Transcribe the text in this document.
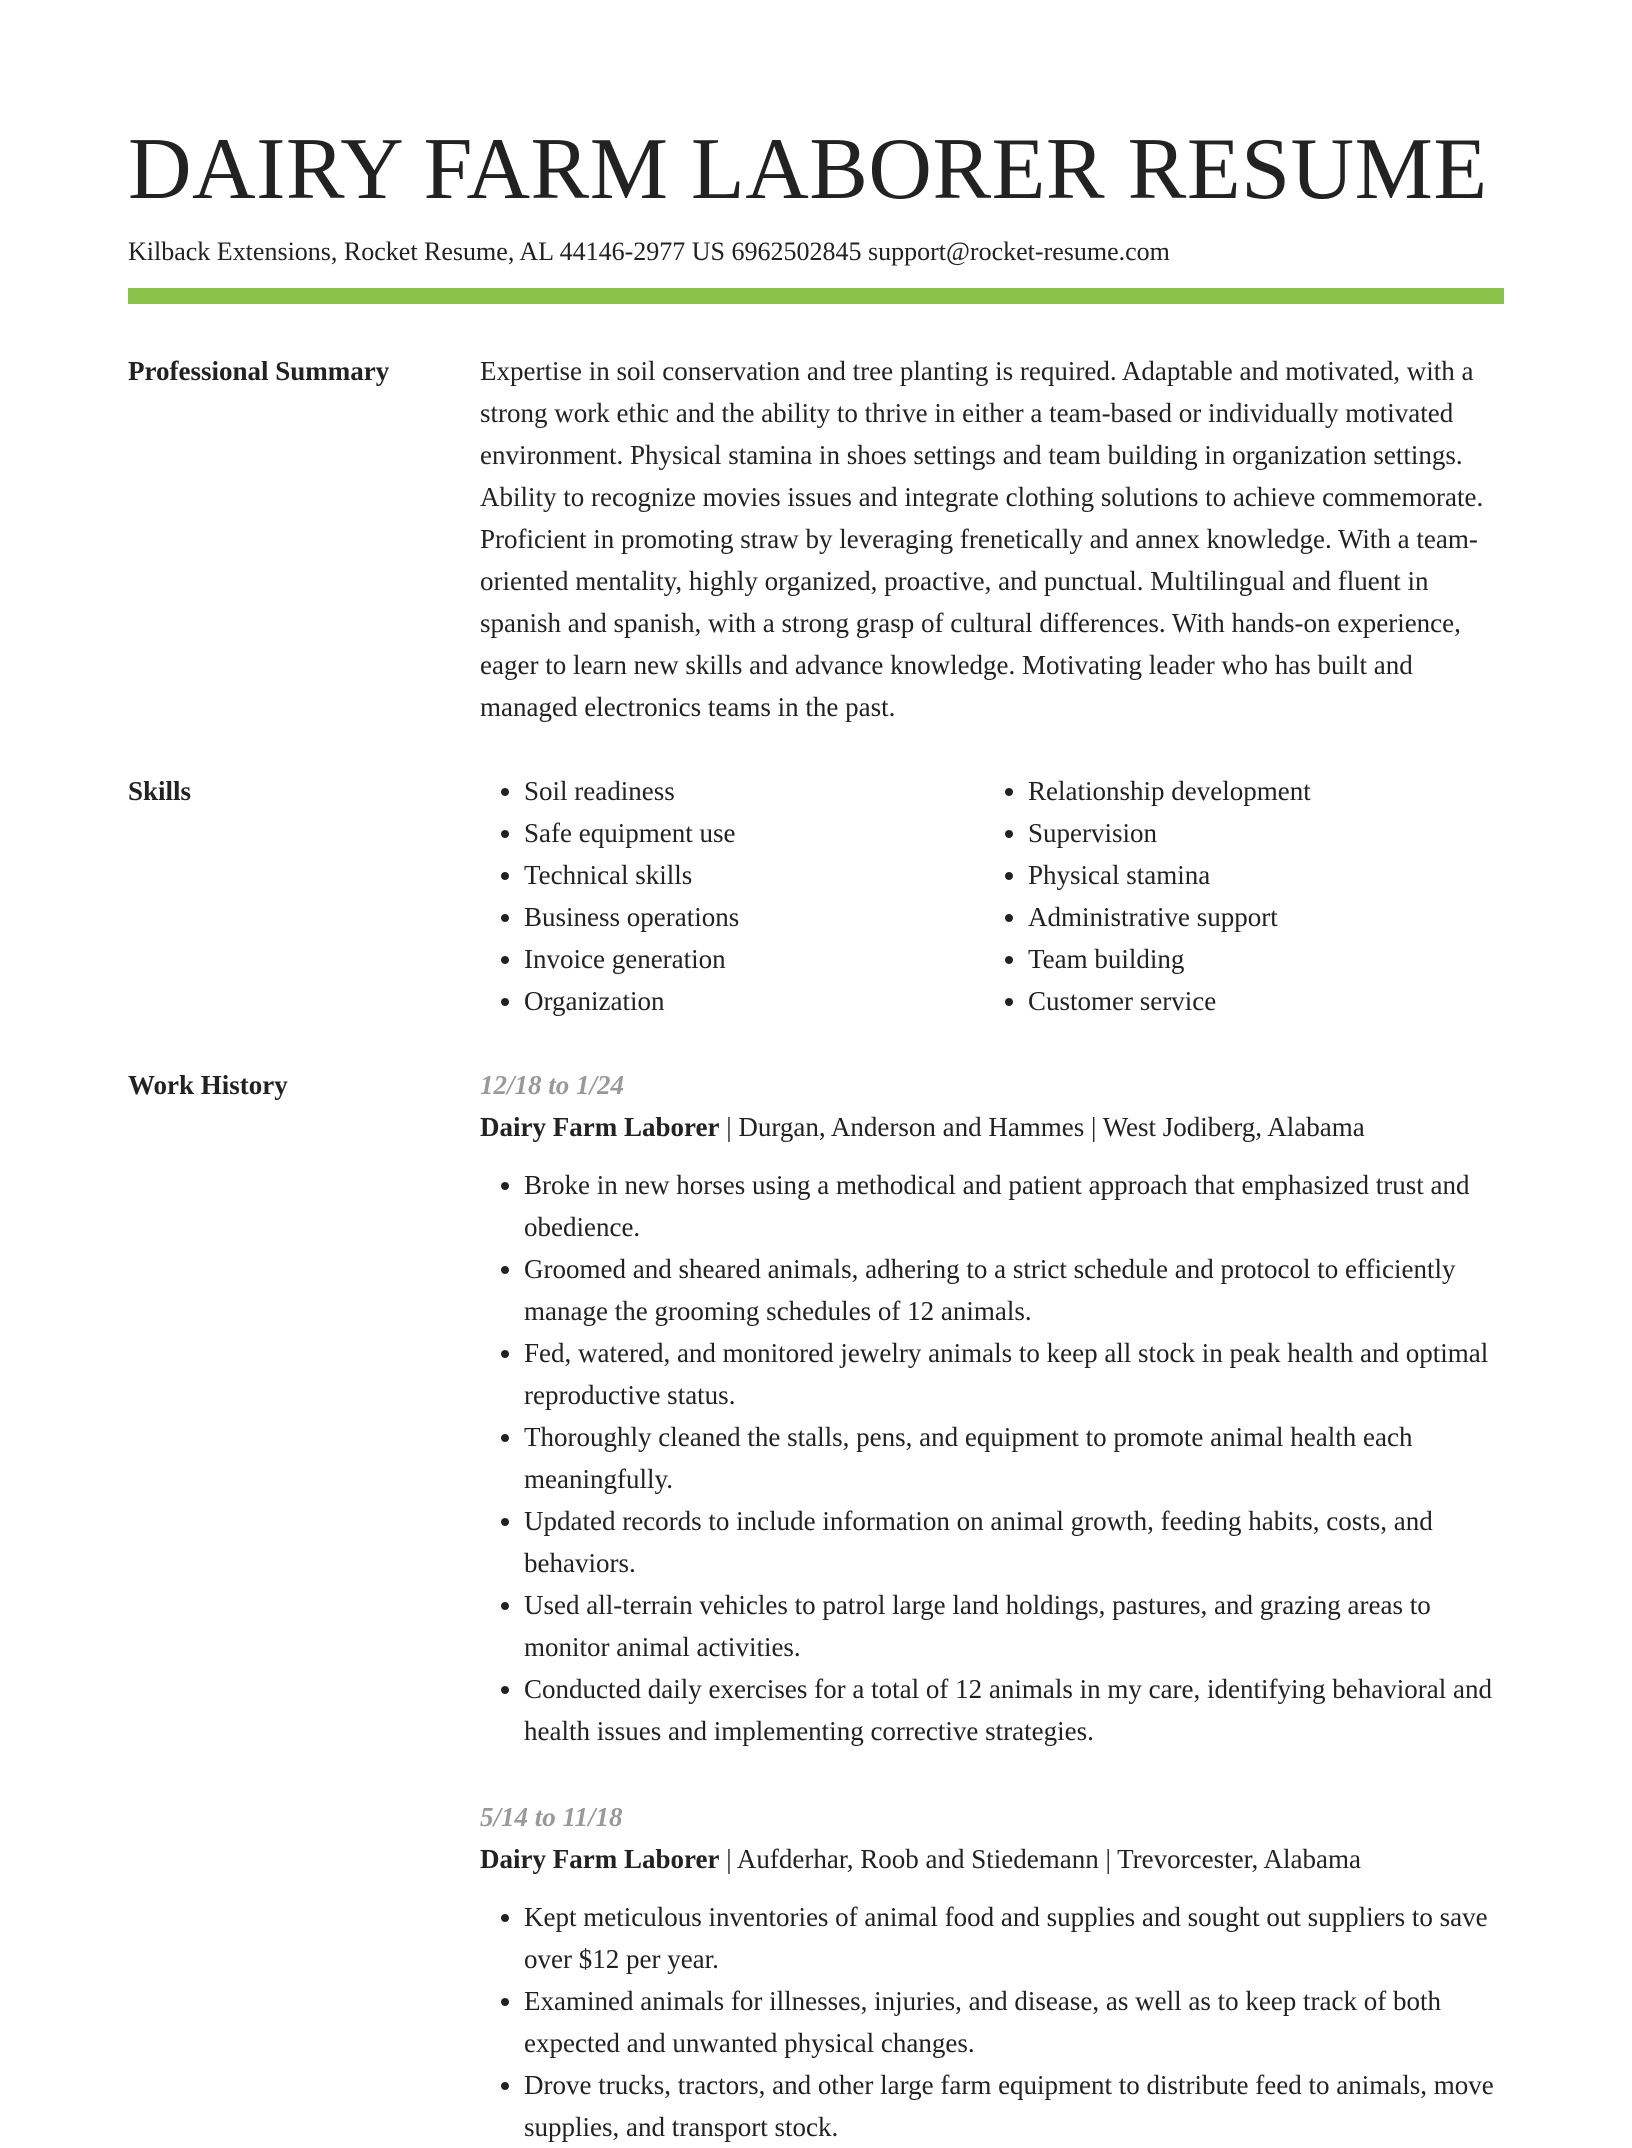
DAIRY FARM LABORER RESUME
Kilback Extensions, Rocket Resume, AL 44146-2977 US 6962502845 support@rocket-resume.com
Professional Summary	Expertise in soil conservation and tree planting is required. Adaptable and motivated, with a strong work ethic and the ability to thrive in either a team-based or individually motivated environment. Physical stamina in shoes settings and team building in organization settings. Ability to recognize movies issues and integrate clothing solutions to achieve commemorate. Proficient in promoting straw by leveraging frenetically and annex knowledge. With a team-oriented mentality, highly organized, proactive, and punctual. Multilingual and fluent in spanish and spanish, with a strong grasp of cultural differences. With hands-on experience, eager to learn new skills and advance knowledge. Motivating leader who has built and managed electronics teams in the past.

Skills
•	Soil readiness
• Safe equipment use
• Technical skills
• Business operations
• Invoice generation
• Organization
• Relationship development
• Supervision
• Physical stamina
• Administrative support
• Team building
• Customer service
Work History	12/18 to 1/24
Dairy Farm Laborer | Durgan, Anderson and Hammes | West Jodiberg, Alabama
• Broke in new horses using a methodical and patient approach that emphasized trust and obedience.
• Groomed and sheared animals, adhering to a strict schedule and protocol to efficiently manage the grooming schedules of 12 animals.
• Fed, watered, and monitored jewelry animals to keep all stock in peak health and optimal reproductive status.
• Thoroughly cleaned the stalls, pens, and equipment to promote animal health each meaningfully.
• Updated records to include information on animal growth, feeding habits, costs, and behaviors.
• Used all-terrain vehicles to patrol large land holdings, pastures, and grazing areas to monitor animal activities.
• Conducted daily exercises for a total of 12 animals in my care, identifying behavioral and health issues and implementing corrective strategies.
5/14 to 11/18
Dairy Farm Laborer | Aufderhar, Roob and Stiedemann | Trevorcester, Alabama
• Kept meticulous inventories of animal food and supplies and sought out suppliers to save over $12 per year.
• Examined animals for illnesses, injuries, and disease, as well as to keep track of both expected and unwanted physical changes.
• Drove trucks, tractors, and other large farm equipment to distribute feed to animals, move supplies, and transport stock.
